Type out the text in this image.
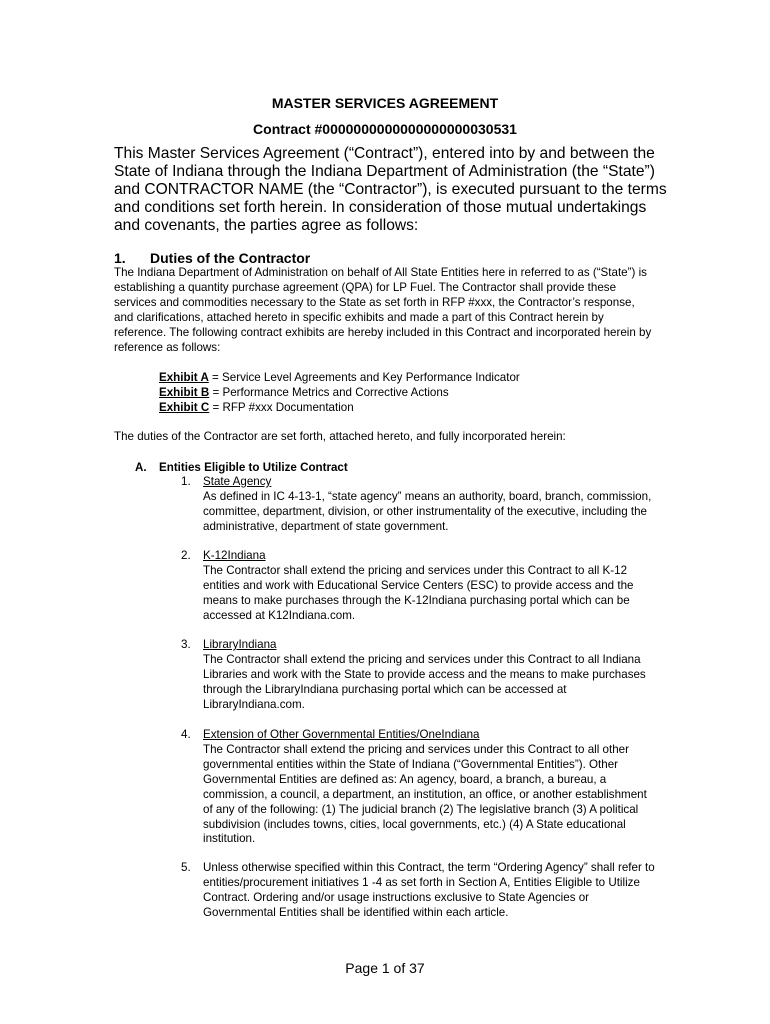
MASTER SERVICES AGREEMENT
Contract #0000000000000000000030531
This Master Services Agreement (“Contract”), entered into by and between the State of Indiana through the Indiana Department of Administration (the “State”) and CONTRACTOR NAME (the “Contractor”), is executed pursuant to the terms and conditions set forth herein. In consideration of those mutual undertakings and covenants, the parties agree as follows:
1. Duties of the Contractor
The Indiana Department of Administration on behalf of All State Entities here in referred to as (“State”) is establishing a quantity purchase agreement (QPA) for LP Fuel. The Contractor shall provide these services and commodities necessary to the State as set forth in RFP #xxx, the Contractor’s response, and clarifications, attached hereto in specific exhibits and made a part of this Contract herein by reference. The following contract exhibits are hereby included in this Contract and incorporated herein by reference as follows:
Exhibit A = Service Level Agreements and Key Performance Indicator
Exhibit B = Performance Metrics and Corrective Actions
Exhibit C = RFP #xxx Documentation
The duties of the Contractor are set forth, attached hereto, and fully incorporated herein:
A. Entities Eligible to Utilize Contract
1.	State Agency
As defined in IC 4-13-1, “state agency” means an authority, board, branch, commission, committee, department, division, or other instrumentality of the executive, including the administrative, department of state government.
2.	K-12Indiana
The Contractor shall extend the pricing and services under this Contract to all K-12 entities and work with Educational Service Centers (ESC) to provide access and the means to make purchases through the K-12Indiana purchasing portal which can be accessed at K12Indiana.com.
3.	LibraryIndiana
The Contractor shall extend the pricing and services under this Contract to all Indiana Libraries and work with the State to provide access and the means to make purchases through the LibraryIndiana purchasing portal which can be accessed at LibraryIndiana.com.
4.	Extension of Other Governmental Entities/OneIndiana
The Contractor shall extend the pricing and services under this Contract to all other governmental entities within the State of Indiana (“Governmental Entities”). Other Governmental Entities are defined as: An agency, board, a branch, a bureau, a commission, a council, a department, an institution, an office, or another establishment of any of the following: (1) The judicial branch (2) The legislative branch (3) A political subdivision (includes towns, cities, local governments, etc.) (4) A State educational institution.
5.	Unless otherwise specified within this Contract, the term “Ordering Agency” shall refer to entities/procurement initiatives 1 -4 as set forth in Section A, Entities Eligible to Utilize Contract. Ordering and/or usage instructions exclusive to State Agencies or Governmental Entities shall be identified within each article.
Page 1 of 37
